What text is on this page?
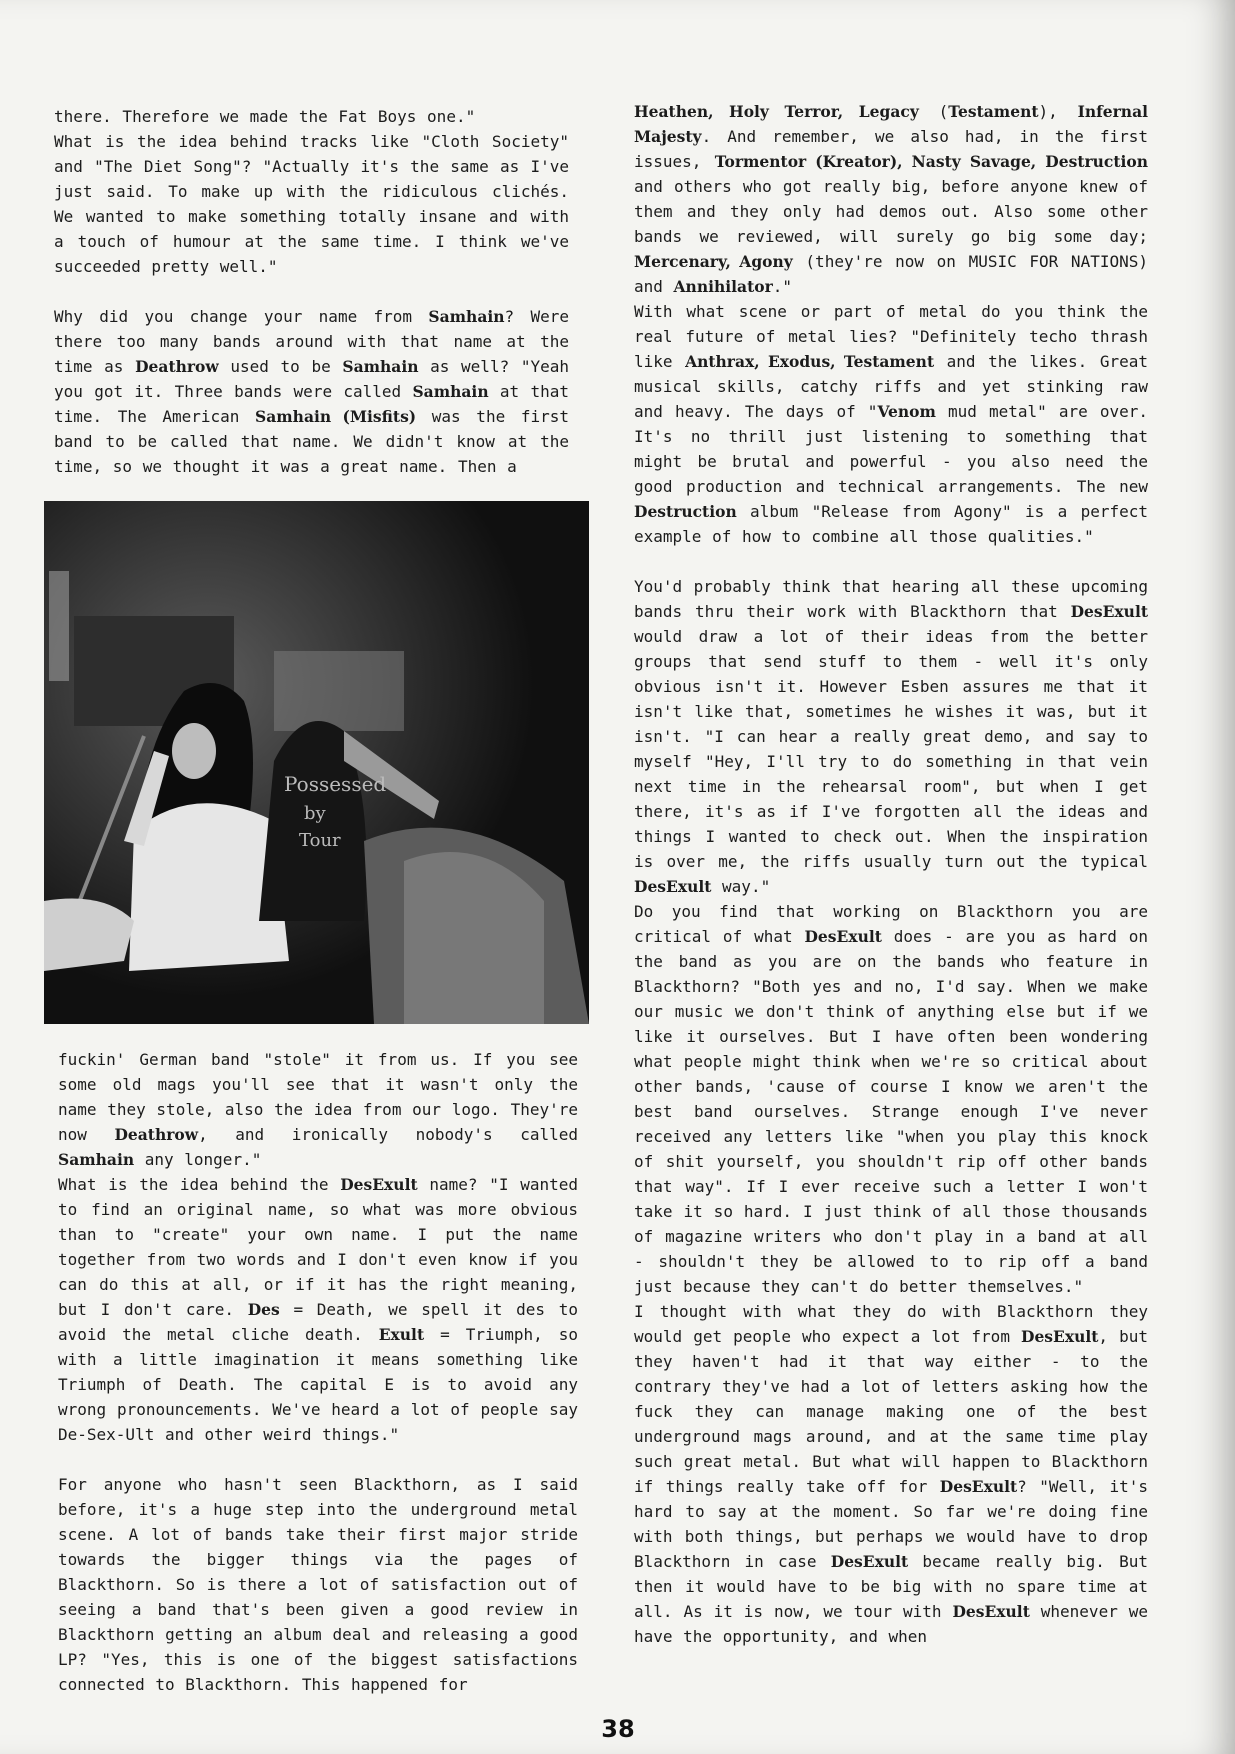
there. Therefore we made the Fat Boys one."

What is the idea behind tracks like "Cloth Society" and "The Diet Song"? "Actually it's the same as I've just said. To make up with the ridiculous clichés. We wanted to make something totally insane and with a touch of humour at the same time. I think we've succeeded pretty well."

Why did you change your name from Samhain? Were there too many bands around with that name at the time as Deathrow used to be Samhain as well? "Yeah you got it. Three bands were called Samhain at that time. The American Samhain (Misfits) was the first band to be called that name. We didn't know at the time, so we thought it was a great name. Then a

Possessed
by
Tour

fuckin' German band "stole" it from us. If you see some old mags you'll see that it wasn't only the name they stole, also the idea from our logo. They're now Deathrow, and ironically nobody's called Samhain any longer."

What is the idea behind the DesExult name? "I wanted to find an original name, so what was more obvious than to "create" your own name. I put the name together from two words and I don't even know if you can do this at all, or if it has the right meaning, but I don't care. Des = Death, we spell it des to avoid the metal cliche death. Exult = Triumph, so with a little imagination it means something like Triumph of Death. The capital E is to avoid any wrong pronouncements. We've heard a lot of people say De-Sex-Ult and other weird things."

For anyone who hasn't seen Blackthorn, as I said before, it's a huge step into the underground metal scene. A lot of bands take their first major stride towards the bigger things via the pages of Blackthorn. So is there a lot of satisfaction out of seeing a band that's been given a good review in Blackthorn getting an album deal and releasing a good LP? "Yes, this is one of the biggest satisfactions connected to Blackthorn. This happened for

Heathen, Holy Terror, Legacy (Testament), Infernal Majesty. And remember, we also had, in the first issues, Tormentor (Kreator), Nasty Savage, Destruction and others who got really big, before anyone knew of them and they only had demos out. Also some other bands we reviewed, will surely go big some day; Mercenary, Agony (they're now on MUSIC FOR NATIONS) and Annihilator."

With what scene or part of metal do you think the real future of metal lies? "Definitely techo thrash like Anthrax, Exodus, Testament and the likes. Great musical skills, catchy riffs and yet stinking raw and heavy. The days of "Venom mud metal" are over. It's no thrill just listening to something that might be brutal and powerful - you also need the good production and technical arrangements. The new Destruction album "Release from Agony" is a perfect example of how to combine all those qualities."

You'd probably think that hearing all these upcoming bands thru their work with Blackthorn that DesExult would draw a lot of their ideas from the better groups that send stuff to them - well it's only obvious isn't it. However Esben assures me that it isn't like that, sometimes he wishes it was, but it isn't. "I can hear a really great demo, and say to myself "Hey, I'll try to do something in that vein next time in the rehearsal room", but when I get there, it's as if I've forgotten all the ideas and things I wanted to check out. When the inspiration is over me, the riffs usually turn out the typical DesExult way."

Do you find that working on Blackthorn you are critical of what DesExult does - are you as hard on the band as you are on the bands who feature in Blackthorn? "Both yes and no, I'd say. When we make our music we don't think of anything else but if we like it ourselves. But I have often been wondering what people might think when we're so critical about other bands, 'cause of course I know we aren't the best band ourselves. Strange enough I've never received any letters like "when you play this knock of shit yourself, you shouldn't rip off other bands that way". If I ever receive such a letter I won't take it so hard. I just think of all those thousands of magazine writers who don't play in a band at all - shouldn't they be allowed to to rip off a band just because they can't do better themselves."

I thought with what they do with Blackthorn they would get people who expect a lot from DesExult, but they haven't had it that way either - to the contrary they've had a lot of letters asking how the fuck they can manage making one of the best underground mags around, and at the same time play such great metal. But what will happen to Blackthorn if things really take off for DesExult? "Well, it's hard to say at the moment. So far we're doing fine with both things, but perhaps we would have to drop Blackthorn in case DesExult became really big. But then it would have to be big with no spare time at all. As it is now, we tour with DesExult whenever we have the opportunity, and when

38
